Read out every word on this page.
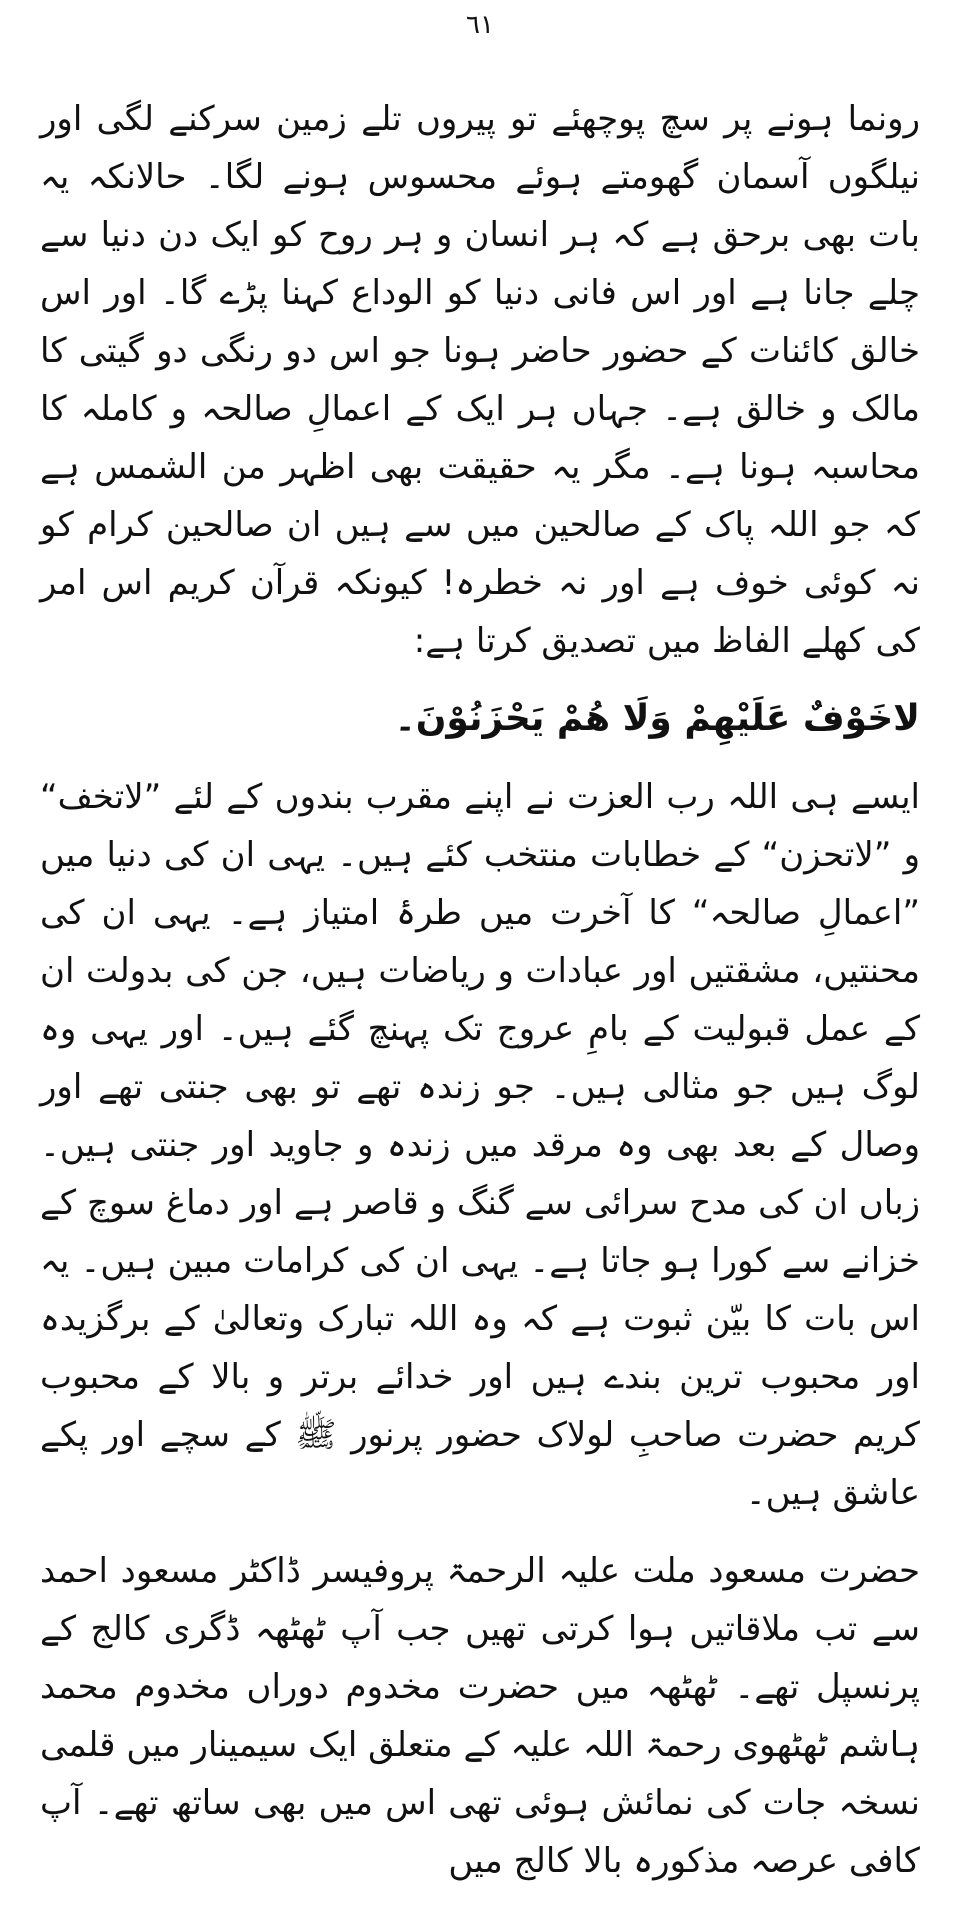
٦١

رونما ہونے پر سچ پوچھئے تو پیروں تلے زمین سرکنے لگی اور نیلگوں آسمان گھومتے ہوئے محسوس ہونے لگا۔ حالانکہ یہ بات بھی برحق ہے کہ ہر انسان و ہر روح کو ایک دن دنیا سے چلے جانا ہے اور اس فانی دنیا کو الوداع کہنا پڑے گا۔ اور اس خالق کائنات کے حضور حاضر ہونا جو اس دو رنگی دو گیتی کا مالک و خالق ہے۔ جہاں ہر ایک کے اعمالِ صالحہ و کاملہ کا محاسبہ ہونا ہے۔ مگر یہ حقیقت بھی اظہر من الشمس ہے کہ جو اللہ پاک کے صالحین میں سے ہیں ان صالحین کرام کو نہ کوئی خوف ہے اور نہ خطرہ! کیونکہ قرآن کریم اس امر کی کھلے الفاظ میں تصدیق کرتا ہے:

لاخَوْفٌ عَلَیْھِمْ وَلَا ھُمْ یَحْزَنُوْنَ۔

ایسے ہی اللہ رب العزت نے اپنے مقرب بندوں کے لئے ”لاتخف“ و ”لاتحزن“ کے خطابات منتخب کئے ہیں۔ یہی ان کی دنیا میں ”اعمالِ صالحہ“ کا آخرت میں طرۂ امتیاز ہے۔ یہی ان کی محنتیں، مشقتیں اور عبادات و ریاضات ہیں، جن کی بدولت ان کے عمل قبولیت کے بامِ عروج تک پہنچ گئے ہیں۔ اور یہی وہ لوگ ہیں جو مثالی ہیں۔ جو زندہ تھے تو بھی جنتی تھے اور وصال کے بعد بھی وہ مرقد میں زندہ و جاوید اور جنتی ہیں۔ زباں ان کی مدح سرائی سے گنگ و قاصر ہے اور دماغ سوچ کے خزانے سے کورا ہو جاتا ہے۔ یہی ان کی کرامات مبین ہیں۔ یہ اس بات کا بیّن ثبوت ہے کہ وہ اللہ تبارک وتعالیٰ کے برگزیدہ اور محبوب ترین بندے ہیں اور خدائے برتر و بالا کے محبوب کریم حضرت صاحبِ لولاک حضور پرنور ﷺ کے سچے اور پکے عاشق ہیں۔

حضرت مسعود ملت علیہ الرحمۃ پروفیسر ڈاکٹر مسعود احمد سے تب ملاقاتیں ہوا کرتی تھیں جب آپ ٹھٹھہ ڈگری کالج کے پرنسپل تھے۔ ٹھٹھہ میں حضرت مخدوم دوراں مخدوم محمد ہاشم ٹھٹھوی رحمۃ اللہ علیہ کے متعلق ایک سیمینار میں قلمی نسخہ جات کی نمائش ہوئی تھی اس میں بھی ساتھ تھے۔ آپ کافی عرصہ مذکورہ بالا کالج میں
